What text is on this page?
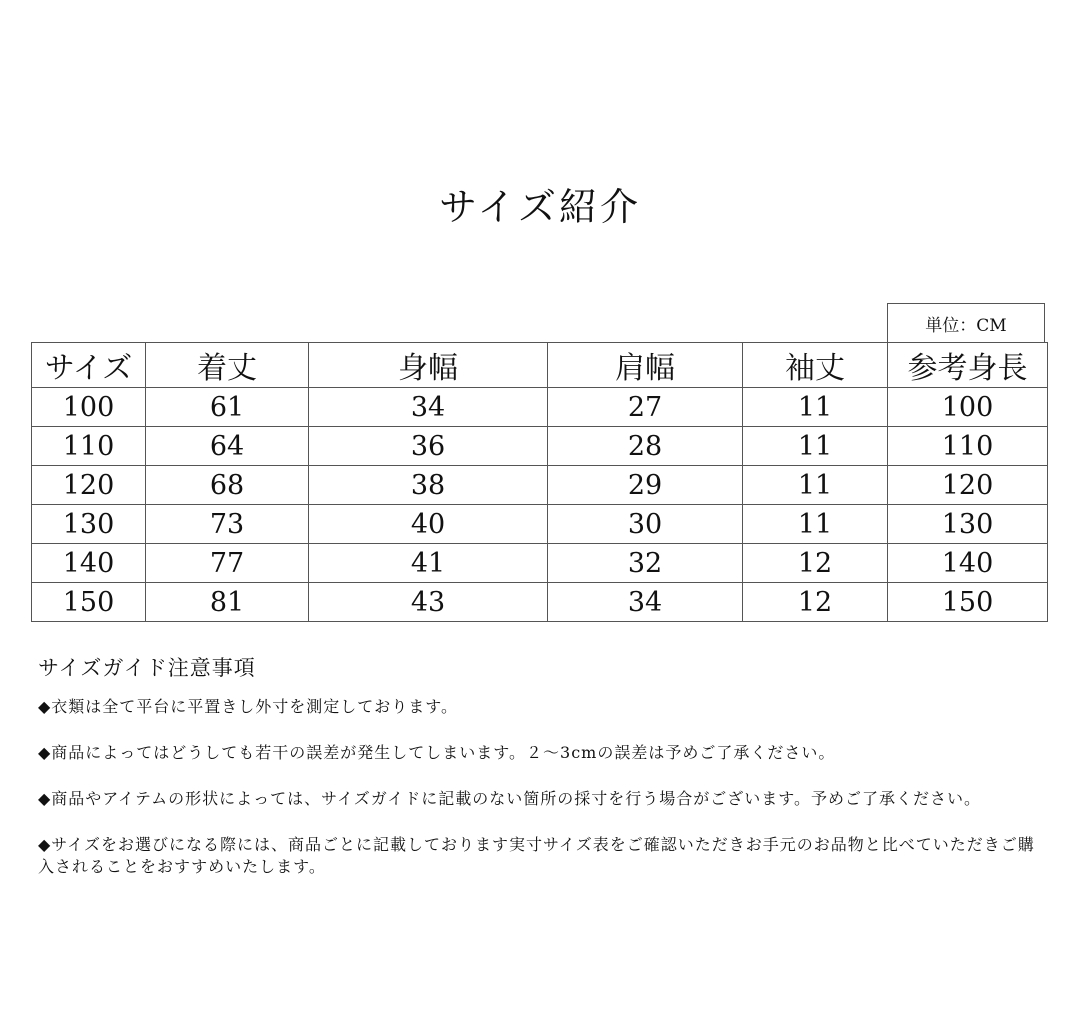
サイズ紹介
単位：CM
サイズ	着丈	身幅	肩幅	袖丈	参考身長
100	61	34	27	11	100
110	64	36	28	11	110
120	68	38	29	11	120
130	73	40	30	11	130
140	77	41	32	12	140
150	81	43	34	12	150
サイズガイド注意事項

◆衣類は全て平台に平置きし外寸を測定しております。

◆商品によってはどうしても若干の誤差が発生してしまいます。２～3cmの誤差は予めご了承ください。

◆商品やアイテムの形状によっては、サイズガイドに記載のない箇所の採寸を行う場合がございます。予めご了承ください。

◆サイズをお選びになる際には、商品ごとに記載しております実寸サイズ表をご確認いただきお手元のお品物と比べていただきご購入されることをおすすめいたします。
